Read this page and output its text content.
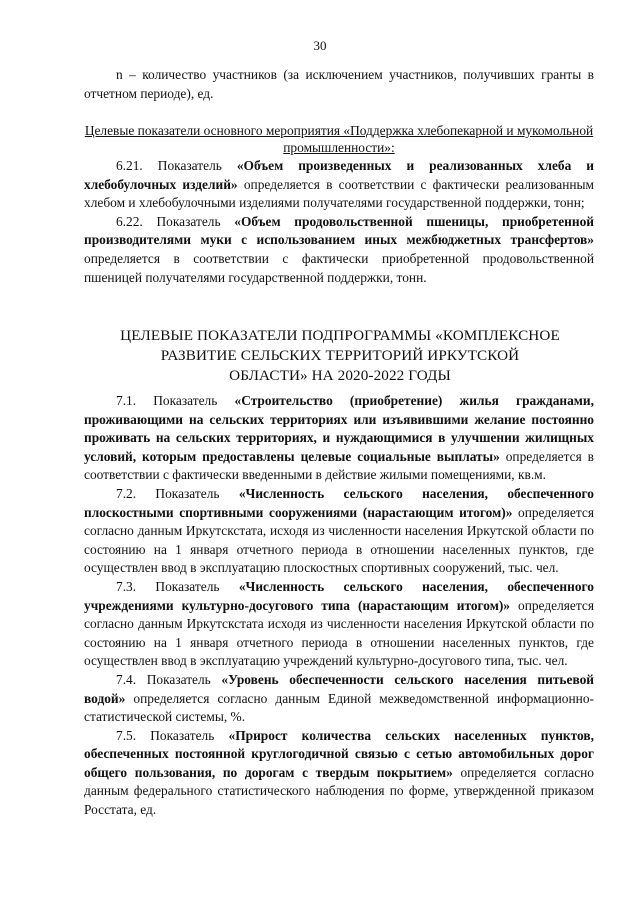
30

n – количество участников (за исключением участников, получивших гранты в отчетном периоде), ед.

Целевые показатели основного мероприятия «Поддержка хлебопекарной и мукомольной промышленности»:

6.21. Показатель «Объем произведенных и реализованных хлеба и хлебобулочных изделий» определяется в соответствии с фактически реализованным хлебом и хлебобулочными изделиями получателями государственной поддержки, тонн;

6.22. Показатель «Объем продовольственной пшеницы, приобретенной производителями муки с использованием иных межбюджетных трансфертов» определяется в соответствии с фактически приобретенной продовольственной пшеницей получателями государственной поддержки, тонн.

ЦЕЛЕВЫЕ ПОКАЗАТЕЛИ ПОДПРОГРАММЫ «КОМПЛЕКСНОЕ РАЗВИТИЕ СЕЛЬСКИХ ТЕРРИТОРИЙ ИРКУТСКОЙ ОБЛАСТИ» НА 2020-2022 ГОДЫ

7.1. Показатель «Строительство (приобретение) жилья гражданами, проживающими на сельских территориях или изъявившими желание постоянно проживать на сельских территориях, и нуждающимися в улучшении жилищных условий, которым предоставлены целевые социальные выплаты» определяется в соответствии с фактически введенными в действие жилыми помещениями, кв.м.

7.2. Показатель «Численность сельского населения, обеспеченного плоскостными спортивными сооружениями (нарастающим итогом)» определяется согласно данным Иркутскстата, исходя из численности населения Иркутской области по состоянию на 1 января отчетного периода в отношении населенных пунктов, где осуществлен ввод в эксплуатацию плоскостных спортивных сооружений, тыс. чел.

7.3. Показатель «Численность сельского населения, обеспеченного учреждениями культурно-досугового типа (нарастающим итогом)» определяется согласно данным Иркутскстата исходя из численности населения Иркутской области по состоянию на 1 января отчетного периода в отношении населенных пунктов, где осуществлен ввод в эксплуатацию учреждений культурно-досугового типа, тыс. чел.

7.4. Показатель «Уровень обеспеченности сельского населения питьевой водой» определяется согласно данным Единой межведомственной информационно-статистической системы, %.

7.5. Показатель «Прирост количества сельских населенных пунктов, обеспеченных постоянной круглогодичной связью с сетью автомобильных дорог общего пользования, по дорогам с твердым покрытием» определяется согласно данным федерального статистического наблюдения по форме, утвержденной приказом Росстата, ед.
